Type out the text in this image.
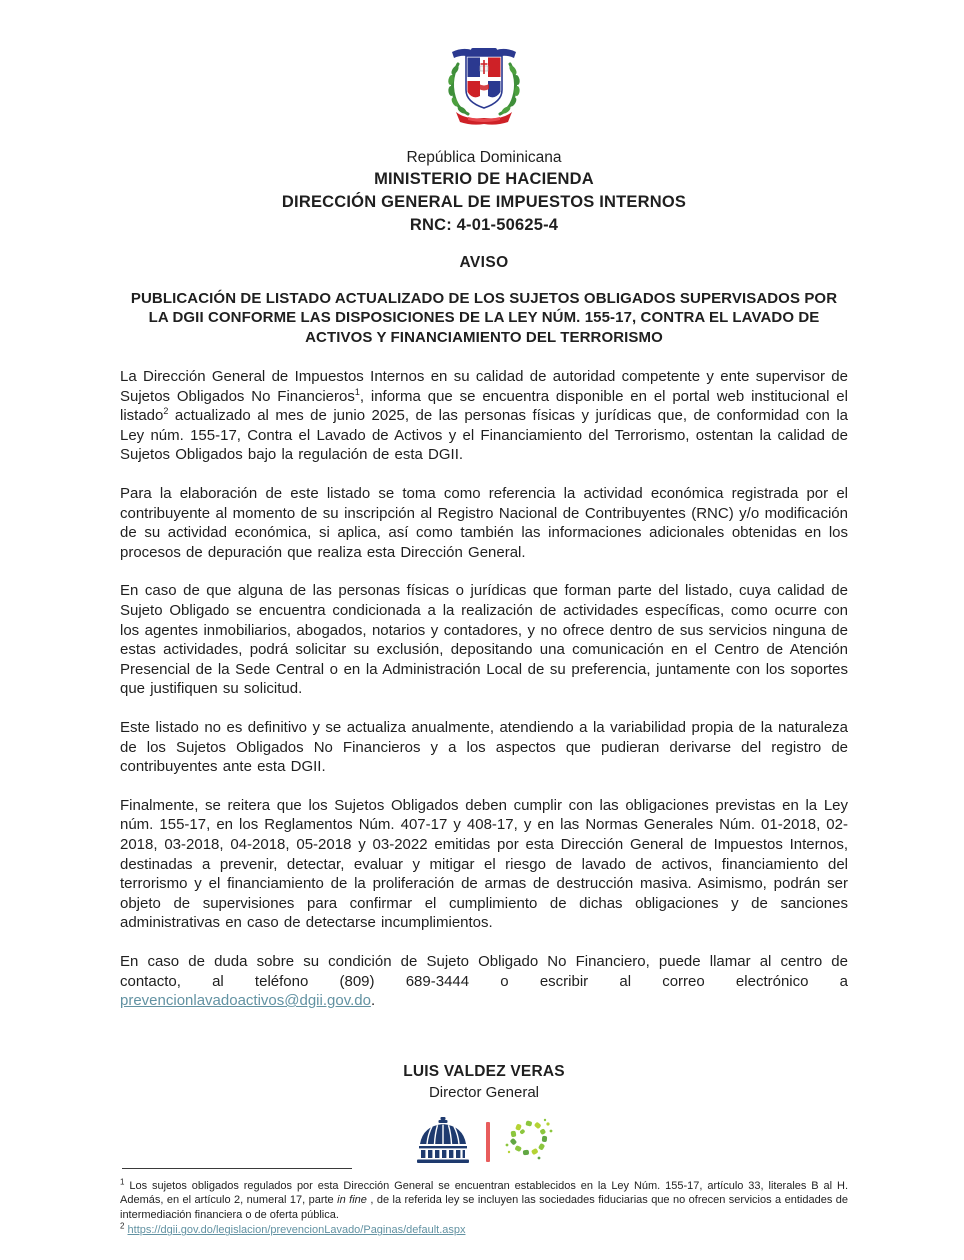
República Dominicana
MINISTERIO DE HACIENDA
DIRECCIÓN GENERAL DE IMPUESTOS INTERNOS
RNC: 4-01-50625-4
AVISO
PUBLICACIÓN DE LISTADO ACTUALIZADO DE LOS SUJETOS OBLIGADOS SUPERVISADOS POR LA DGII CONFORME LAS DISPOSICIONES DE LA LEY NÚM. 155-17, CONTRA EL LAVADO DE ACTIVOS Y FINANCIAMIENTO DEL TERRORISMO

La Dirección General de Impuestos Internos en su calidad de autoridad competente y ente supervisor de Sujetos Obligados No Financieros$^1$, informa que se encuentra disponible en el portal web institucional el listado$^2$ actualizado al mes de junio 2025, de las personas físicas y jurídicas que, de conformidad con la Ley núm. 155-17, Contra el Lavado de Activos y el Financiamiento del Terrorismo, ostentan la calidad de Sujetos Obligados bajo la regulación de esta DGII.

Para la elaboración de este listado se toma como referencia la actividad económica registrada por el contribuyente al momento de su inscripción al Registro Nacional de Contribuyentes (RNC) y/o modificación de su actividad económica, si aplica, así como también las informaciones adicionales obtenidas en los procesos de depuración que realiza esta Dirección General.

En caso de que alguna de las personas físicas o jurídicas que forman parte del listado, cuya calidad de Sujeto Obligado se encuentra condicionada a la realización de actividades específicas, como ocurre con los agentes inmobiliarios, abogados, notarios y contadores, y no ofrece dentro de sus servicios ninguna de estas actividades, podrá solicitar su exclusión, depositando una comunicación en el Centro de Atención Presencial de la Sede Central o en la Administración Local de su preferencia, juntamente con los soportes que justifiquen su solicitud.

Este listado no es definitivo y se actualiza anualmente, atendiendo a la variabilidad propia de la naturaleza de los Sujetos Obligados No Financieros y a los aspectos que pudieran derivarse del registro de contribuyentes ante esta DGII.

Finalmente, se reitera que los Sujetos Obligados deben cumplir con las obligaciones previstas en la Ley núm. 155-17, en los Reglamentos Núm. 407-17 y 408-17, y en las Normas Generales Núm. 01-2018, 02-2018, 03-2018, 04-2018, 05-2018 y 03-2022 emitidas por esta Dirección General de Impuestos Internos, destinadas a prevenir, detectar, evaluar y mitigar el riesgo de lavado de activos, financiamiento del terrorismo y el financiamiento de la proliferación de armas de destrucción masiva. Asimismo, podrán ser objeto de supervisiones para confirmar el cumplimiento de dichas obligaciones y de sanciones administrativas en caso de detectarse incumplimientos.

En caso de duda sobre su condición de Sujeto Obligado No Financiero, puede llamar al centro de contacto, al teléfono (809) 689-3444 o escribir al correo electrónico a prevencionlavadoactivos@dgii.gov.do.

LUIS VALDEZ VERAS
Director General
$^1$ Los sujetos obligados regulados por esta Dirección General se encuentran establecidos en la Ley Núm. 155-17, artículo 33, literales B al H. Además, en el artículo 2, numeral 17, parte in fine , de la referida ley se incluyen las sociedades fiduciarias que no ofrecen servicios a entidades de intermediación financiera o de oferta pública.
$^2$ https://dgii.gov.do/legislacion/prevencionLavado/Paginas/default.aspx
